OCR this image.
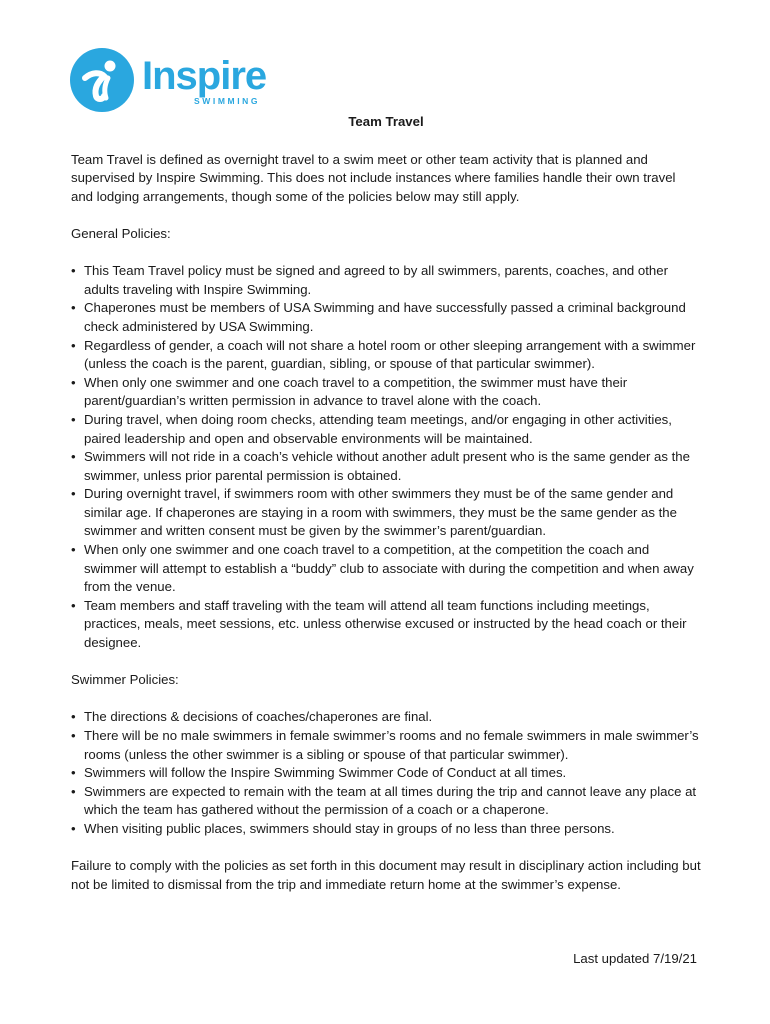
Inspire
SWIMMING
Team Travel

Team Travel is defined as overnight travel to a swim meet or other team activity that is planned and supervised by Inspire Swimming. This does not include instances where families handle their own travel and lodging arrangements, though some of the policies below may still apply.

General Policies:

• This Team Travel policy must be signed and agreed to by all swimmers, parents, coaches, and other adults traveling with Inspire Swimming.
• Chaperones must be members of USA Swimming and have successfully passed a criminal background check administered by USA Swimming.
• Regardless of gender, a coach will not share a hotel room or other sleeping arrangement with a swimmer (unless the coach is the parent, guardian, sibling, or spouse of that particular swimmer).
• When only one swimmer and one coach travel to a competition, the swimmer must have their parent/guardian’s written permission in advance to travel alone with the coach.
• During travel, when doing room checks, attending team meetings, and/or engaging in other activities, paired leadership and open and observable environments will be maintained.
• Swimmers will not ride in a coach’s vehicle without another adult present who is the same gender as the swimmer, unless prior parental permission is obtained.
• During overnight travel, if swimmers room with other swimmers they must be of the same gender and similar age. If chaperones are staying in a room with swimmers, they must be the same gender as the swimmer and written consent must be given by the swimmer’s parent/guardian.
• When only one swimmer and one coach travel to a competition, at the competition the coach and swimmer will attempt to establish a “buddy” club to associate with during the competition and when away from the venue.
• Team members and staff traveling with the team will attend all team functions including meetings, practices, meals, meet sessions, etc. unless otherwise excused or instructed by the head coach or their designee.

Swimmer Policies:

• The directions & decisions of coaches/chaperones are final.
• There will be no male swimmers in female swimmer’s rooms and no female swimmers in male swimmer’s rooms (unless the other swimmer is a sibling or spouse of that particular swimmer).
• Swimmers will follow the Inspire Swimming Swimmer Code of Conduct at all times.
• Swimmers are expected to remain with the team at all times during the trip and cannot leave any place at which the team has gathered without the permission of a coach or a chaperone.
• When visiting public places, swimmers should stay in groups of no less than three persons.

Failure to comply with the policies as set forth in this document may result in disciplinary action including but not be limited to dismissal from the trip and immediate return home at the swimmer’s expense.

Last updated 7/19/21
